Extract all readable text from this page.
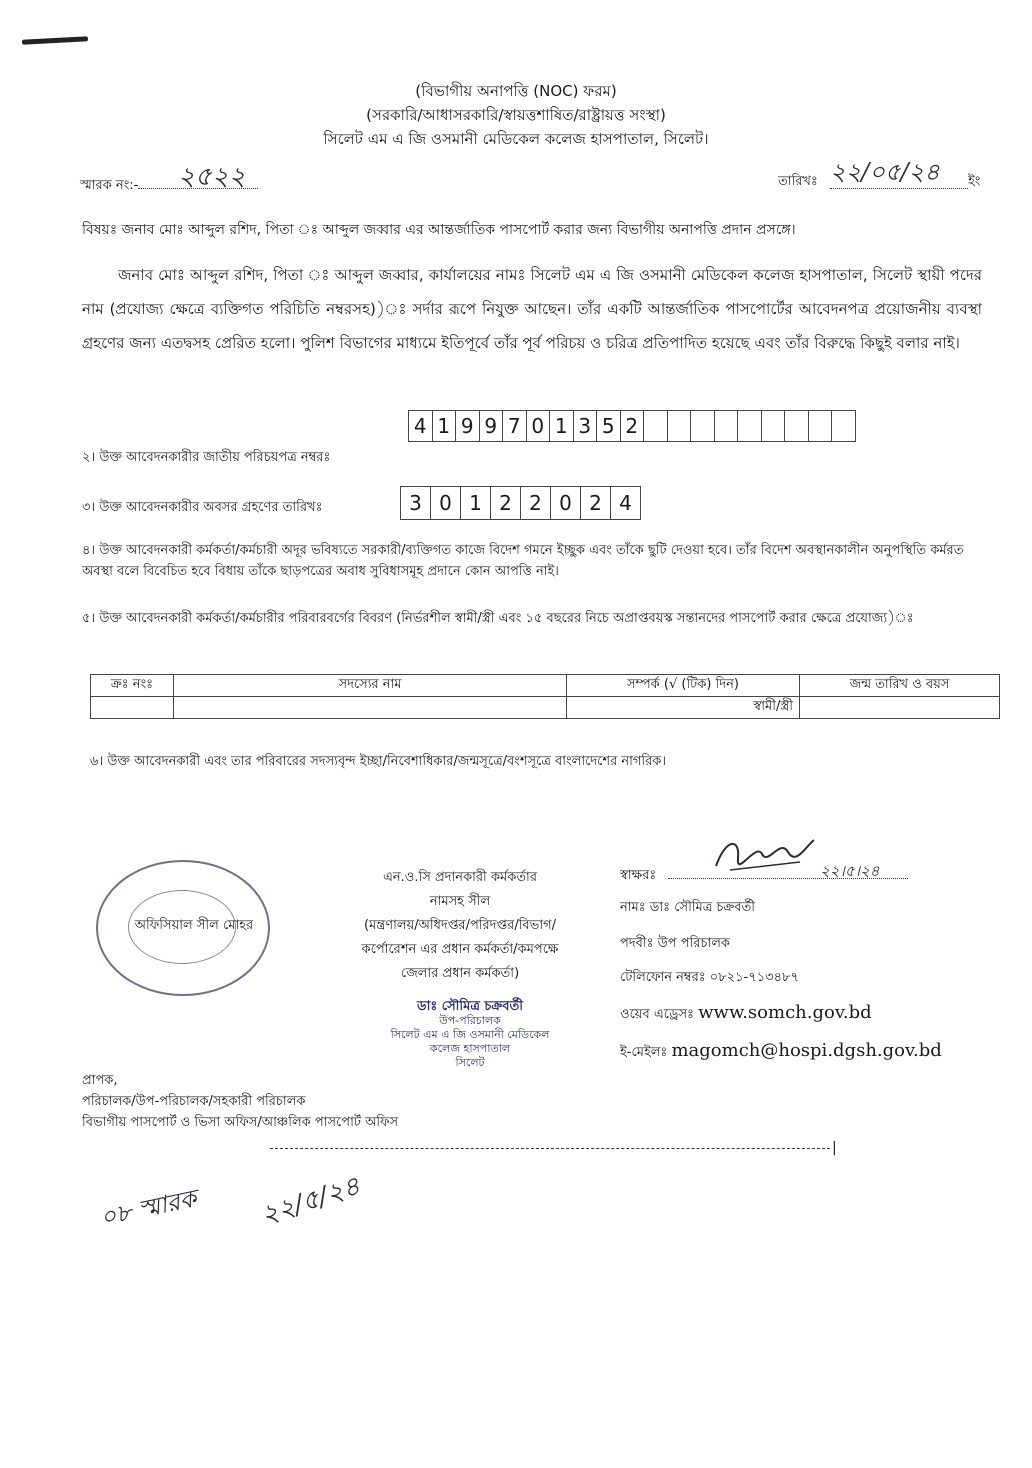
(বিভাগীয় অনাপত্তি (NOC) ফরম)
(সরকারি/আধাসরকারি/স্বায়ত্তশাষিত/রাষ্ট্রায়ত্ত সংস্থা)
সিলেট এম এ জি ওসমানী মেডিকেল কলেজ হাসপাতাল, সিলেট।
স্মারক নং:-	২৫২২	তারিখঃ ২২/০৫/২৪ ইং
বিষয়ঃ জনাব মোঃ আব্দুল রশিদ, পিতা ঃ আব্দুল জব্বার এর আন্তর্জাতিক পাসপোর্ট করার জন্য বিভাগীয় অনাপত্তি প্রদান প্রসঙ্গে।
জনাব মোঃ আব্দুল রশিদ, পিতা ঃ আব্দুল জব্বার, কার্যালয়ের নামঃ সিলেট এম এ জি ওসমানী মেডিকেল কলেজ হাসপাতাল, সিলেট স্থায়ী পদের নাম (প্রযোজ্য ক্ষেত্রে ব্যক্তিগত পরিচিতি নম্বরসহ))ঃ সর্দার রূপে নিযুক্ত আছেন। তাঁর একটি আন্তর্জাতিক পাসপোর্টের আবেদনপত্র প্রয়োজনীয় ব্যবস্থা গ্রহণের জন্য এতদ্বসহ প্রেরিত হলো। পুলিশ বিভাগের মাধ্যমে ইতিপূর্বে তাঁর পূর্ব পরিচয় ও চরিত্র প্রতিপাদিত হয়েছে এবং তাঁর বিরুদ্ধে কিছুই বলার নাই।
২। উক্ত আবেদনকারীর জাতীয় পরিচয়পত্র নম্বরঃ
4 1 9 9 7 0 1 3 5 2
৩। উক্ত আবেদনকারীর অবসর গ্রহণের তারিখঃ	3 0 1 2 2 0 2 4
৪। উক্ত আবেদনকারী কর্মকর্তা/কর্মচারী অদূর ভবিষ্যতে সরকারী/ব্যক্তিগত কাজে বিদেশ গমনে ইচ্ছুক এবং তাঁকে ছুটি দেওয়া হবে। তাঁর বিদেশ অবস্থানকালীন অনুপস্থিতি কর্মরত অবস্থা বলে বিবেচিত হবে বিধায় তাঁকে ছাড়পত্রের অবাধ সুবিধাসমূহ প্রদানে কোন আপত্তি নাই।
৫। উক্ত আবেদনকারী কর্মকর্তা/কর্মচারীর পরিবারবর্গের বিবরণ (নির্ভরশীল স্বামী/স্ত্রী এবং ১৫ বছরের নিচে অপ্রাপ্তবয়স্ক সন্তানদের পাসপোর্ট করার ক্ষেত্রে প্রযোজ্য)ঃ
ক্রঃ নংঃ	সদস্যের নাম	সম্পর্ক (√ (টিক) দিন)	জন্ম তারিখ ও বয়স
		স্বামী/স্ত্রী	
৬। উক্ত আবেদনকারী এবং তার পরিবারের সদস্যবৃন্দ ইচ্ছা/নিবেশাধিকার/জন্মসূত্রে/বংশসূত্রে বাংলাদেশের নাগরিক।
অফিসিয়াল সীল মোহর
এন.ও.সি প্রদানকারী কর্মকর্তার
নামসহ সীল
(মন্ত্রণালয়/অধিদপ্তর/পরিদপ্তর/বিভাগ/
কর্পোরেশন এর প্রধান কর্মকর্তা/কমপক্ষে
জেলার প্রধান কর্মকর্তা)
ডাঃ সৌমিত্র চক্রবর্তী
উপ-পরিচালক
সিলেট এম এ জি ওসমানী মেডিকেল
কলেজ হাসপাতাল
সিলেট
স্বাক্ষরঃ	২২।৫।২৪
নামঃ ডাঃ সৌমিত্র চক্রবর্তী
পদবীঃ উপ পরিচালক
টেলিফোন নম্বরঃ ০৮২১-৭১৩৪৮৭
ওয়েব এড্রেসঃ www.somch.gov.bd
ই-মেইলঃ magomch@hospi.dgsh.gov.bd
প্রাপক,
পরিচালক/উপ-পরিচালক/সহকারী পরিচালক
বিভাগীয় পাসপোর্ট ও ভিসা অফিস/আঞ্চলিক পাসপোর্ট অফিস
|
০৮ স্মারক ২২/৫/২৪
